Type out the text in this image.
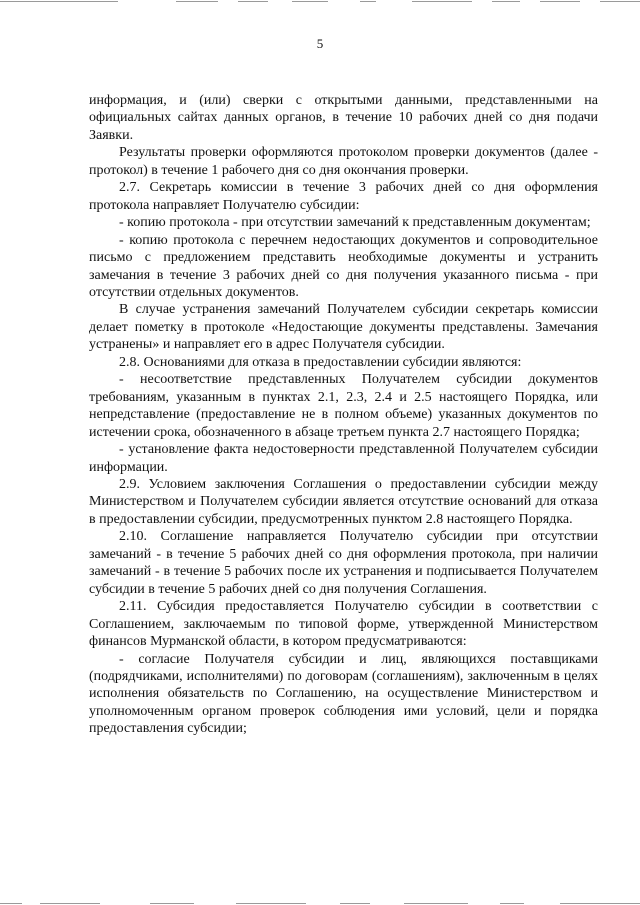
5

информация, и (или) сверки с открытыми данными, представленными на официальных сайтах данных органов, в течение 10 рабочих дней со дня подачи Заявки.

Результаты проверки оформляются протоколом проверки документов (далее - протокол) в течение 1 рабочего дня со дня окончания проверки.

2.7. Секретарь комиссии в течение 3 рабочих дней со дня оформления протокола направляет Получателю субсидии:

- копию протокола - при отсутствии замечаний к представленным документам;

- копию протокола с перечнем недостающих документов и сопроводительное письмо с предложением представить необходимые документы и устранить замечания в течение 3 рабочих дней со дня получения указанного письма - при отсутствии отдельных документов.

В случае устранения замечаний Получателем субсидии секретарь комиссии делает пометку в протоколе «Недостающие документы представлены. Замечания устранены» и направляет его в адрес Получателя субсидии.

2.8. Основаниями для отказа в предоставлении субсидии являются:

- несоответствие представленных Получателем субсидии документов требованиям, указанным в пунктах 2.1, 2.3, 2.4 и 2.5 настоящего Порядка, или непредставление (предоставление не в полном объеме) указанных документов по истечении срока, обозначенного в абзаце третьем пункта 2.7 настоящего Порядка;

- установление факта недостоверности представленной Получателем субсидии информации.

2.9. Условием заключения Соглашения о предоставлении субсидии между Министерством и Получателем субсидии является отсутствие оснований для отказа в предоставлении субсидии, предусмотренных пунктом 2.8 настоящего Порядка.

2.10. Соглашение направляется Получателю субсидии при отсутствии замечаний - в течение 5 рабочих дней со дня оформления протокола, при наличии замечаний - в течение 5 рабочих после их устранения и подписывается Получателем субсидии в течение 5 рабочих дней со дня получения Соглашения.

2.11. Субсидия предоставляется Получателю субсидии в соответствии с Соглашением, заключаемым по типовой форме, утвержденной Министерством финансов Мурманской области, в котором предусматриваются:

- согласие Получателя субсидии и лиц, являющихся поставщиками (подрядчиками, исполнителями) по договорам (соглашениям), заключенным в целях исполнения обязательств по Соглашению, на осуществление Министерством и уполномоченным органом проверок соблюдения ими условий, цели и порядка предоставления субсидии;
